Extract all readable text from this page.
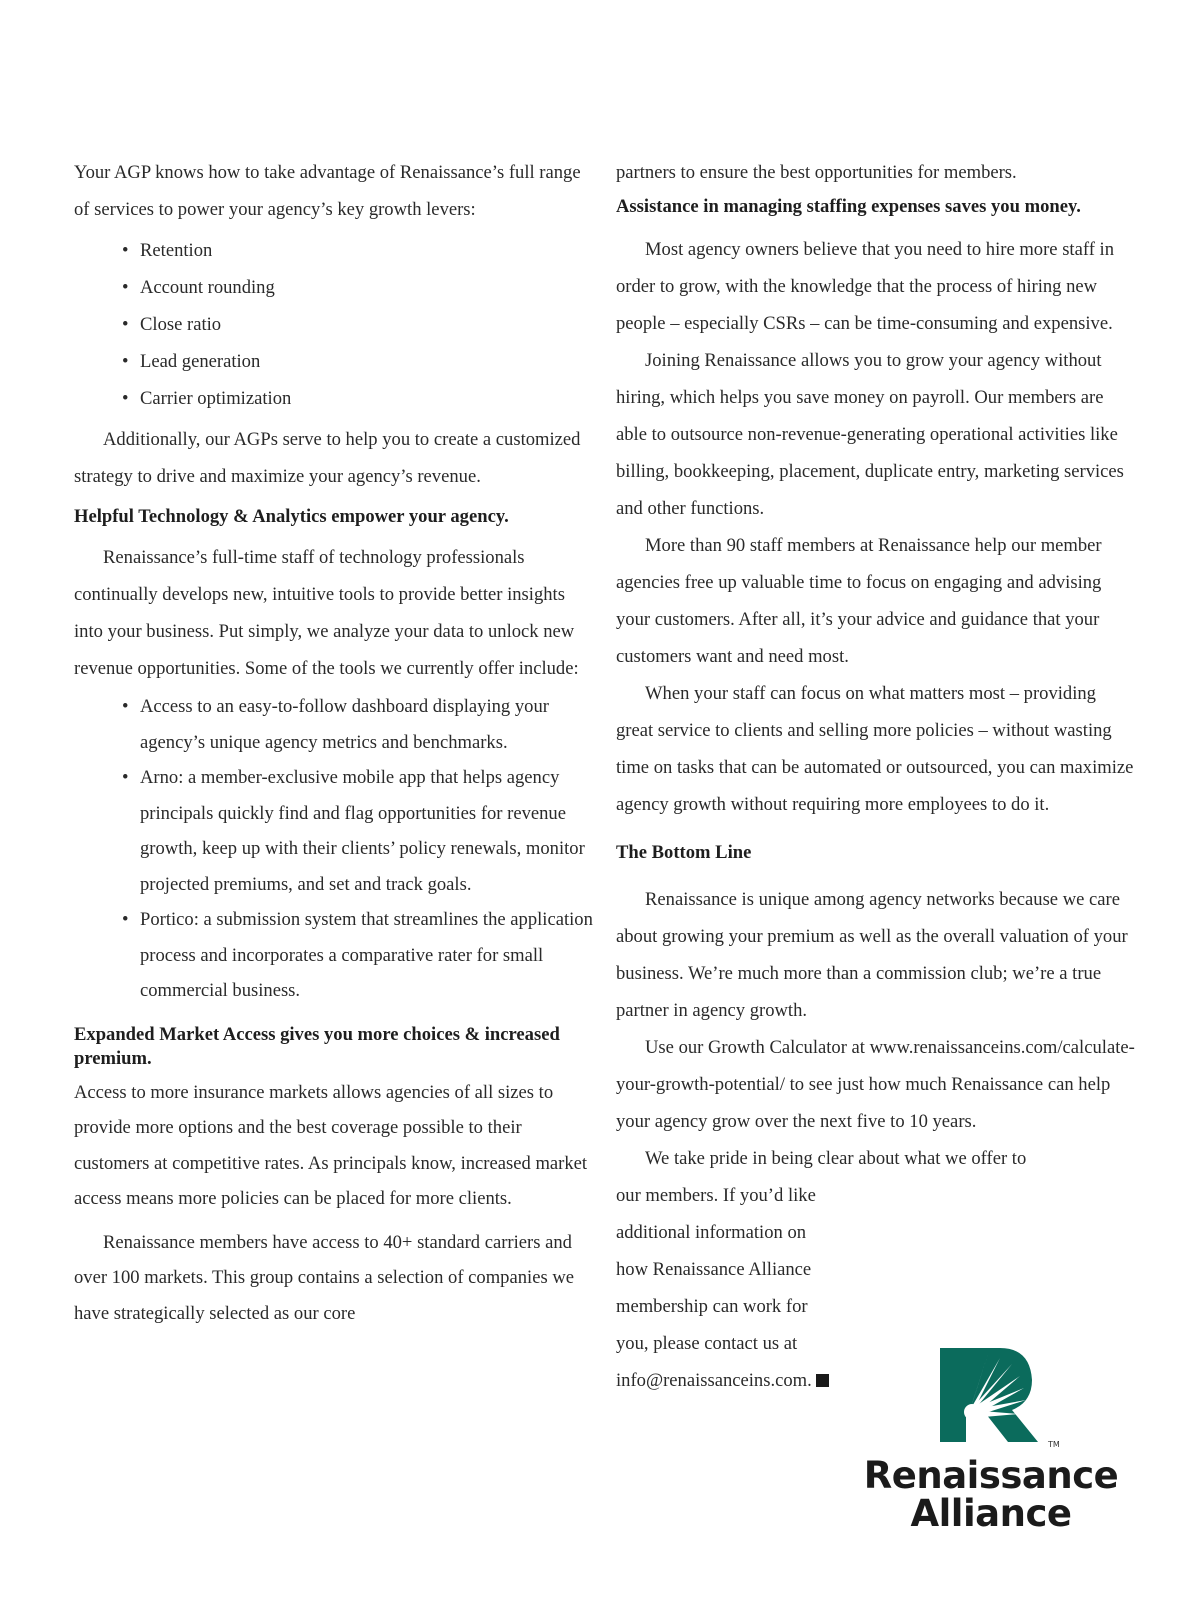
Your AGP knows how to take advantage of Renaissance’s full range of services to power your agency’s key growth levers:

• Retention
• Account rounding
• Close ratio
• Lead generation
• Carrier optimization

Additionally, our AGPs serve to help you to create a customized strategy to drive and maximize your agency’s revenue.

Helpful Technology & Analytics empower your agency.

Renaissance’s full-time staff of technology professionals continually develops new, intuitive tools to provide better insights into your business. Put simply, we analyze your data to unlock new revenue opportunities. Some of the tools we currently offer include:

• Access to an easy-to-follow dashboard displaying your agency’s unique agency metrics and benchmarks.
• Arno: a member-exclusive mobile app that helps agency principals quickly find and flag opportunities for revenue growth, keep up with their clients’ policy renewals, monitor projected premiums, and set and track goals.
• Portico: a submission system that streamlines the application process and incorporates a comparative rater for small commercial business.
Expanded Market Access gives you more choices & increased premium.

Access to more insurance markets allows agencies of all sizes to provide more options and the best coverage possible to their customers at competitive rates. As principals know, increased market access means more policies can be placed for more clients.

Renaissance members have access to 40+ standard carriers and over 100 markets. This group contains a selection of companies we have strategically selected as our core

partners to ensure the best opportunities for members.

Assistance in managing staffing expenses saves you money.

Most agency owners believe that you need to hire more staff in order to grow, with the knowledge that the process of hiring new people – especially CSRs – can be time-consuming and expensive.

Joining Renaissance allows you to grow your agency without hiring, which helps you save money on payroll. Our members are able to outsource non-revenue-generating operational activities like billing, bookkeeping, placement, duplicate entry, marketing services and other functions.

More than 90 staff members at Renaissance help our member agencies free up valuable time to focus on engaging and advising your customers. After all, it’s your advice and guidance that your customers want and need most.

When your staff can focus on what matters most – providing great service to clients and selling more policies – without wasting time on tasks that can be automated or outsourced, you can maximize agency growth without requiring more employees to do it.

The Bottom Line

Renaissance is unique among agency networks because we care about growing your premium as well as the overall valuation of your business. We’re much more than a commission club; we’re a true partner in agency growth.

Use our Growth Calculator at www.renaissanceins.com/calculate-your-growth-potential/ to see just how much Renaissance can help your agency grow over the next five to 10 years.

We take pride in being clear about what we offer to

our members. If you’d like

additional information on

how Renaissance Alliance

membership can work for

you, please contact us at

info@renaissanceins.com.

TM
Renaissance
Alliance
